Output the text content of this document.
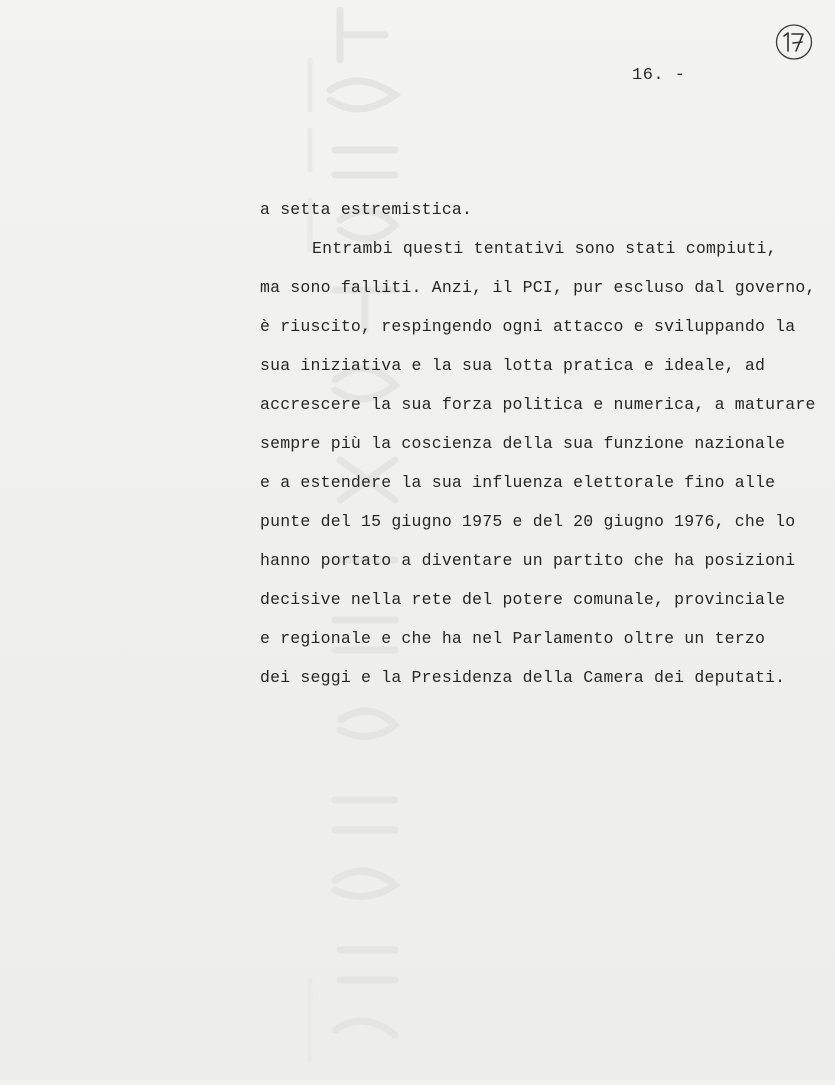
16. -
a setta estremistica.
Entrambi questi tentativi sono stati compiuti,
ma sono falliti. Anzi, il PCI, pur escluso dal governo,
è riuscito, respingendo ogni attacco e sviluppando la
sua iniziativa e la sua lotta pratica e ideale, ad
accrescere la sua forza politica e numerica, a maturare
sempre più la coscienza della sua funzione nazionale
e a estendere la sua influenza elettorale fino alle
punte del 15 giugno 1975 e del 20 giugno 1976, che lo
hanno portato a diventare un partito che ha posizioni
decisive nella rete del potere comunale, provinciale
e regionale e che ha nel Parlamento oltre un terzo
dei seggi e la Presidenza della Camera dei deputati.
